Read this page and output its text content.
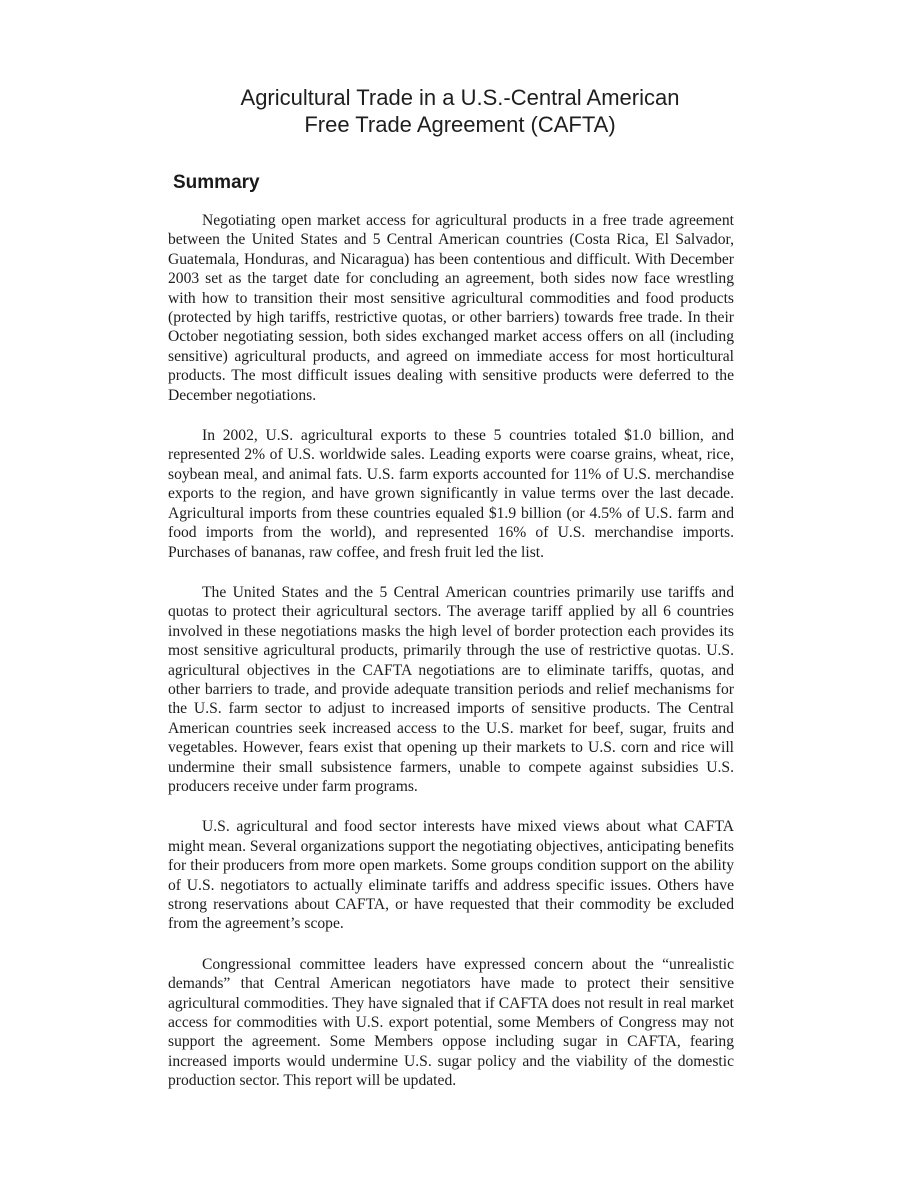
Agricultural Trade in a U.S.-Central American
Free Trade Agreement (CAFTA)
Summary

Negotiating open market access for agricultural products in a free trade agreement between the United States and 5 Central American countries (Costa Rica, El Salvador, Guatemala, Honduras, and Nicaragua) has been contentious and difficult. With December 2003 set as the target date for concluding an agreement, both sides now face wrestling with how to transition their most sensitive agricultural commodities and food products (protected by high tariffs, restrictive quotas, or other barriers) towards free trade. In their October negotiating session, both sides exchanged market access offers on all (including sensitive) agricultural products, and agreed on immediate access for most horticultural products. The most difficult issues dealing with sensitive products were deferred to the December negotiations.

In 2002, U.S. agricultural exports to these 5 countries totaled $1.0 billion, and represented 2% of U.S. worldwide sales. Leading exports were coarse grains, wheat, rice, soybean meal, and animal fats. U.S. farm exports accounted for 11% of U.S. merchandise exports to the region, and have grown significantly in value terms over the last decade. Agricultural imports from these countries equaled $1.9 billion (or 4.5% of U.S. farm and food imports from the world), and represented 16% of U.S. merchandise imports. Purchases of bananas, raw coffee, and fresh fruit led the list.

The United States and the 5 Central American countries primarily use tariffs and quotas to protect their agricultural sectors. The average tariff applied by all 6 countries involved in these negotiations masks the high level of border protection each provides its most sensitive agricultural products, primarily through the use of restrictive quotas. U.S. agricultural objectives in the CAFTA negotiations are to eliminate tariffs, quotas, and other barriers to trade, and provide adequate transition periods and relief mechanisms for the U.S. farm sector to adjust to increased imports of sensitive products. The Central American countries seek increased access to the U.S. market for beef, sugar, fruits and vegetables. However, fears exist that opening up their markets to U.S. corn and rice will undermine their small subsistence farmers, unable to compete against subsidies U.S. producers receive under farm programs.

U.S. agricultural and food sector interests have mixed views about what CAFTA might mean. Several organizations support the negotiating objectives, anticipating benefits for their producers from more open markets. Some groups condition support on the ability of U.S. negotiators to actually eliminate tariffs and address specific issues. Others have strong reservations about CAFTA, or have requested that their commodity be excluded from the agreement’s scope.

Congressional committee leaders have expressed concern about the “unrealistic demands” that Central American negotiators have made to protect their sensitive agricultural commodities. They have signaled that if CAFTA does not result in real market access for commodities with U.S. export potential, some Members of Congress may not support the agreement. Some Members oppose including sugar in CAFTA, fearing increased imports would undermine U.S. sugar policy and the viability of the domestic production sector. This report will be updated.
